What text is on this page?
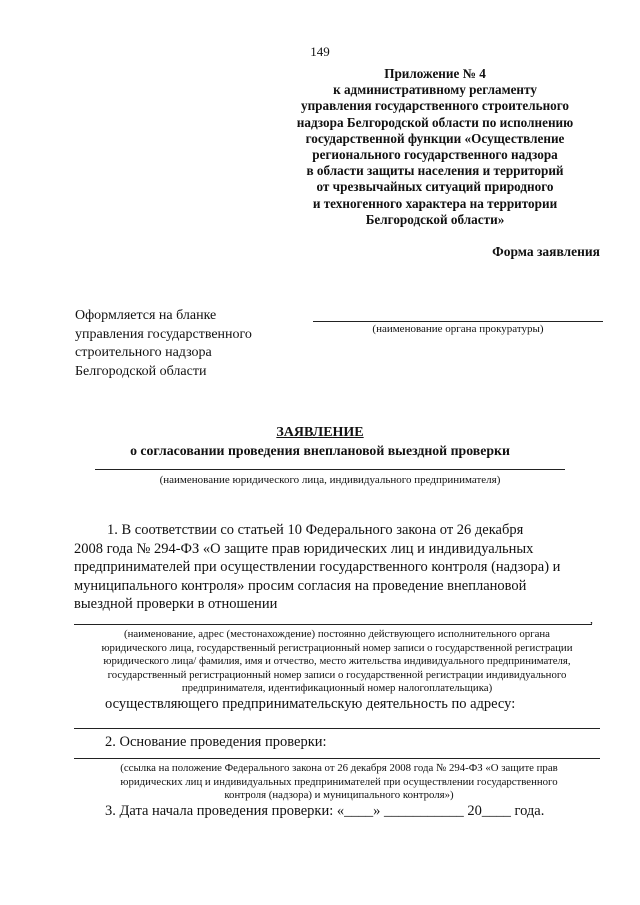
149
Приложение № 4
к административному регламенту
управления государственного строительного
надзора Белгородской области по исполнению
государственной функции «Осуществление
регионального государственного надзора
в области защиты населения и территорий
от чрезвычайных ситуаций природного
и техногенного характера на территории
Белгородской области»
Форма заявления
Оформляется на бланке
управления государственного
строительного надзора
Белгородской области
(наименование органа прокуратуры)
ЗАЯВЛЕНИЕ
о согласовании проведения внеплановой выездной проверки
(наименование юридического лица, индивидуального предпринимателя)
1. В соответствии со статьей 10 Федерального закона от 26 декабря
2008 года № 294-ФЗ «О защите прав юридических лиц и индивидуальных
предпринимателей при осуществлении государственного контроля (надзора) и
муниципального контроля» просим согласия на проведение внеплановой
выездной проверки в отношении
,
(наименование, адрес (местонахождение) постоянно действующего исполнительного органа
юридического лица, государственный регистрационный номер записи о государственной регистрации
юридического лица/ фамилия, имя и отчество, место жительства индивидуального предпринимателя,
государственный регистрационный номер записи о государственной регистрации индивидуального
предпринимателя, идентификационный номер налогоплательщика)
осуществляющего предпринимательскую деятельность по адресу:
2. Основание проведения проверки:
(ссылка на положение Федерального закона от 26 декабря 2008 года № 294-ФЗ «О защите прав
юридических лиц и индивидуальных предпринимателей при осуществлении государственного
контроля (надзора) и муниципального контроля»)
3. Дата начала проведения проверки: «____» ___________ 20____ года.
